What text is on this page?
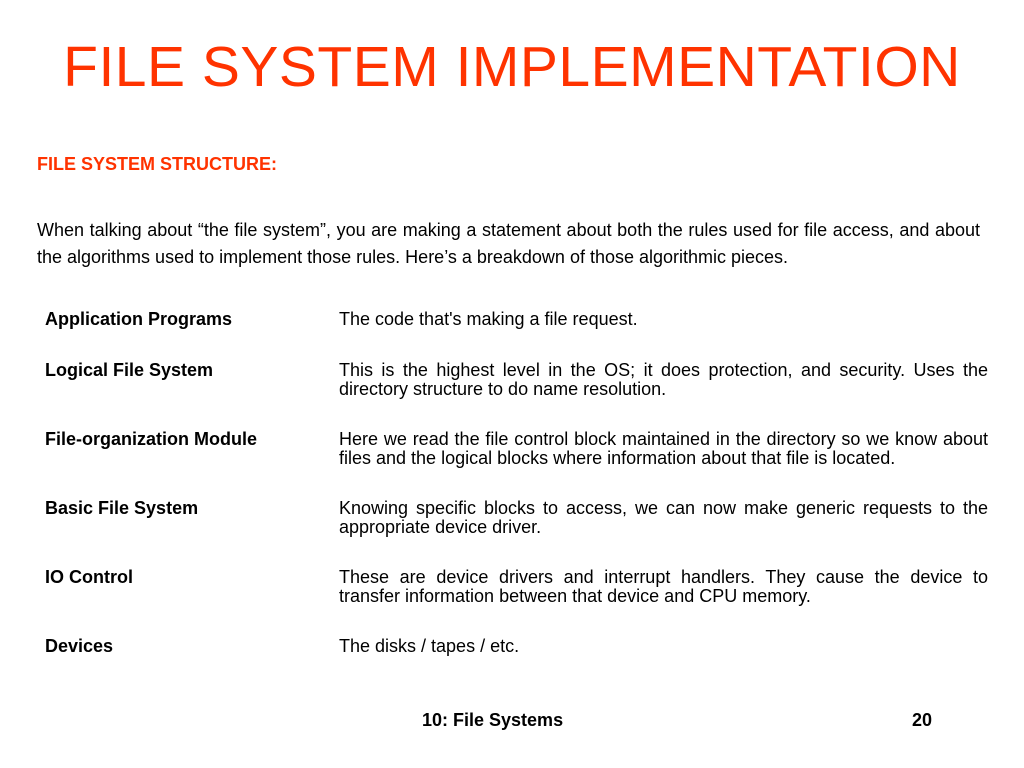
FILE SYSTEM IMPLEMENTATION
FILE SYSTEM STRUCTURE:
When talking about “the file system”, you are making a statement about both the rules used for file access, and about the algorithms used to implement those rules. Here’s a breakdown of those algorithmic pieces.
Application Programs	The code that's making a file request.
Logical File System	This is the highest level in the OS; it does protection, and security. Uses the directory structure to do name resolution.
File-organization Module	Here we read the file control block maintained in the directory so we know about files and the logical blocks where information about that file is located.
Basic File System	Knowing specific blocks to access, we can now make generic requests to the appropriate device driver.
IO Control	These are device drivers and interrupt handlers. They cause the device to transfer information between that device and CPU memory.
Devices	The disks / tapes / etc.
10: File Systems	20
